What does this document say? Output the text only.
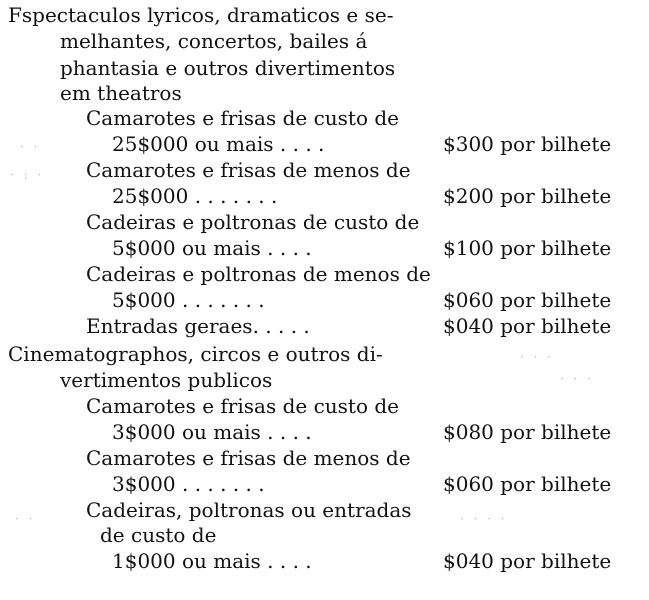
Fspectaculos lyricos, dramaticos e se-
melhantes, concertos, bailes á
phantasia e outros divertimentos
em theatros
Camarotes e frisas de custo de
25$000 ou mais . . . .	$300 por bilhete
Camarotes e frisas de menos de
25$000 . . . . . . .	$200 por bilhete
Cadeiras e poltronas de custo de
5$000 ou mais . . . .	$100 por bilhete
Cadeiras e poltronas de menos de
5$000 . . . . . . .	$060 por bilhete
Entradas geraes. . . . .	$040 por bilhete
Cinematographos, circos e outros di-
vertimentos publicos
Camarotes e frisas de custo de
3$000 ou mais . . . .	$080 por bilhete
Camarotes e frisas de menos de
3$000 . . . . . . .	$060 por bilhete
Cadeiras, poltronas ou entradas
de custo de
1$000 ou mais . . . .	$040 por bilhete
· ·
· : ·
· · ·
· · ·
· · · ·
· ·
